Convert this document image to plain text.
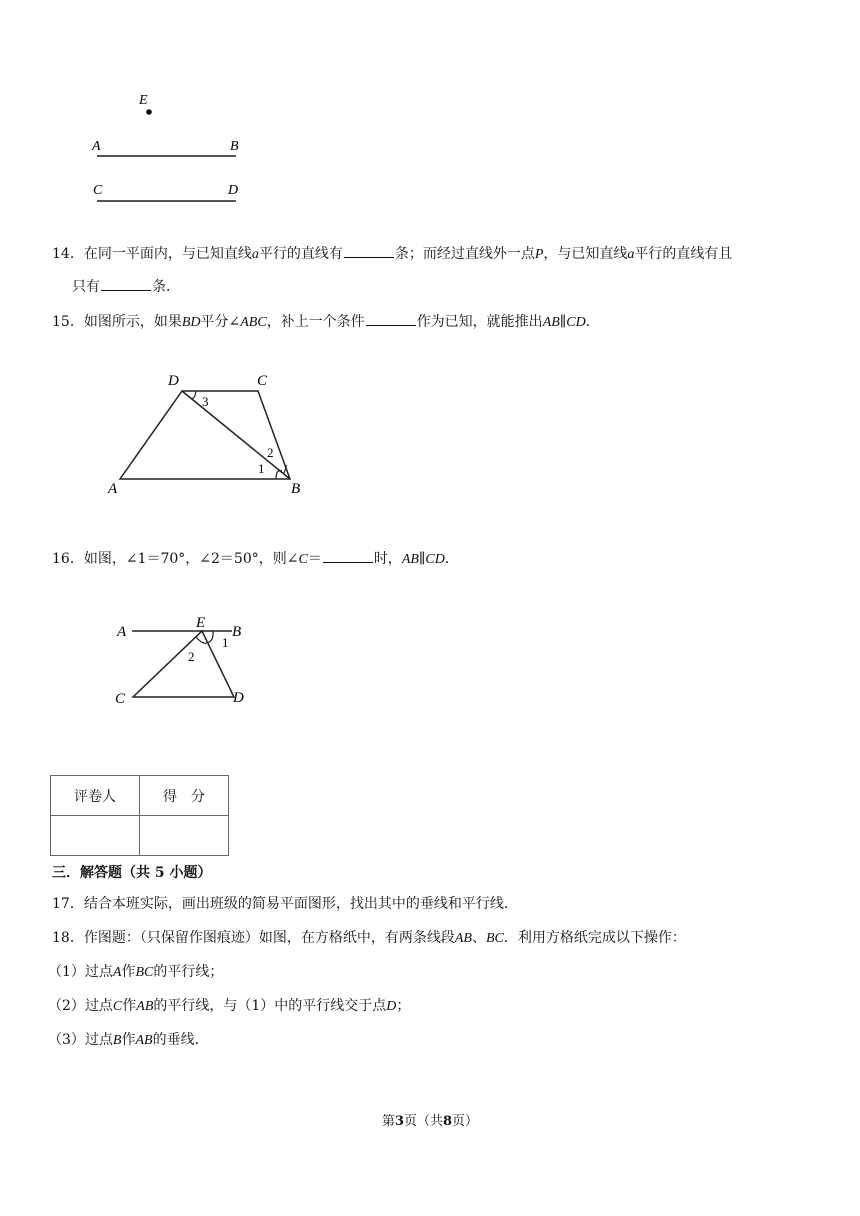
E
A	B
C	D
14．在同一平面内，与已知直线a平行的直线有	条；而经过直线外一点P，与已知直线a平行的直线有且
只有	条．
15．如图所示，如果BD平分∠ABC，补上一个条件	作为已知，就能推出AB∥CD．
D	C
A	B
3
2
1
16．如图，∠1＝70°，∠2＝50°，则∠C＝	时，AB∥CD．
A
E
B
1
2
C	D
评卷人	得　分

三．解答题（共 5 小题）
17．结合本班实际，画出班级的简易平面图形，找出其中的垂线和平行线．
18．作图题：（只保留作图痕迹）如图，在方格纸中，有两条线段AB、BC．利用方格纸完成以下操作：
（1）过点A作BC的平行线；
（2）过点C作AB的平行线，与（1）中的平行线交于点D；
（3）过点B作AB的垂线．
第3页（共8页）
